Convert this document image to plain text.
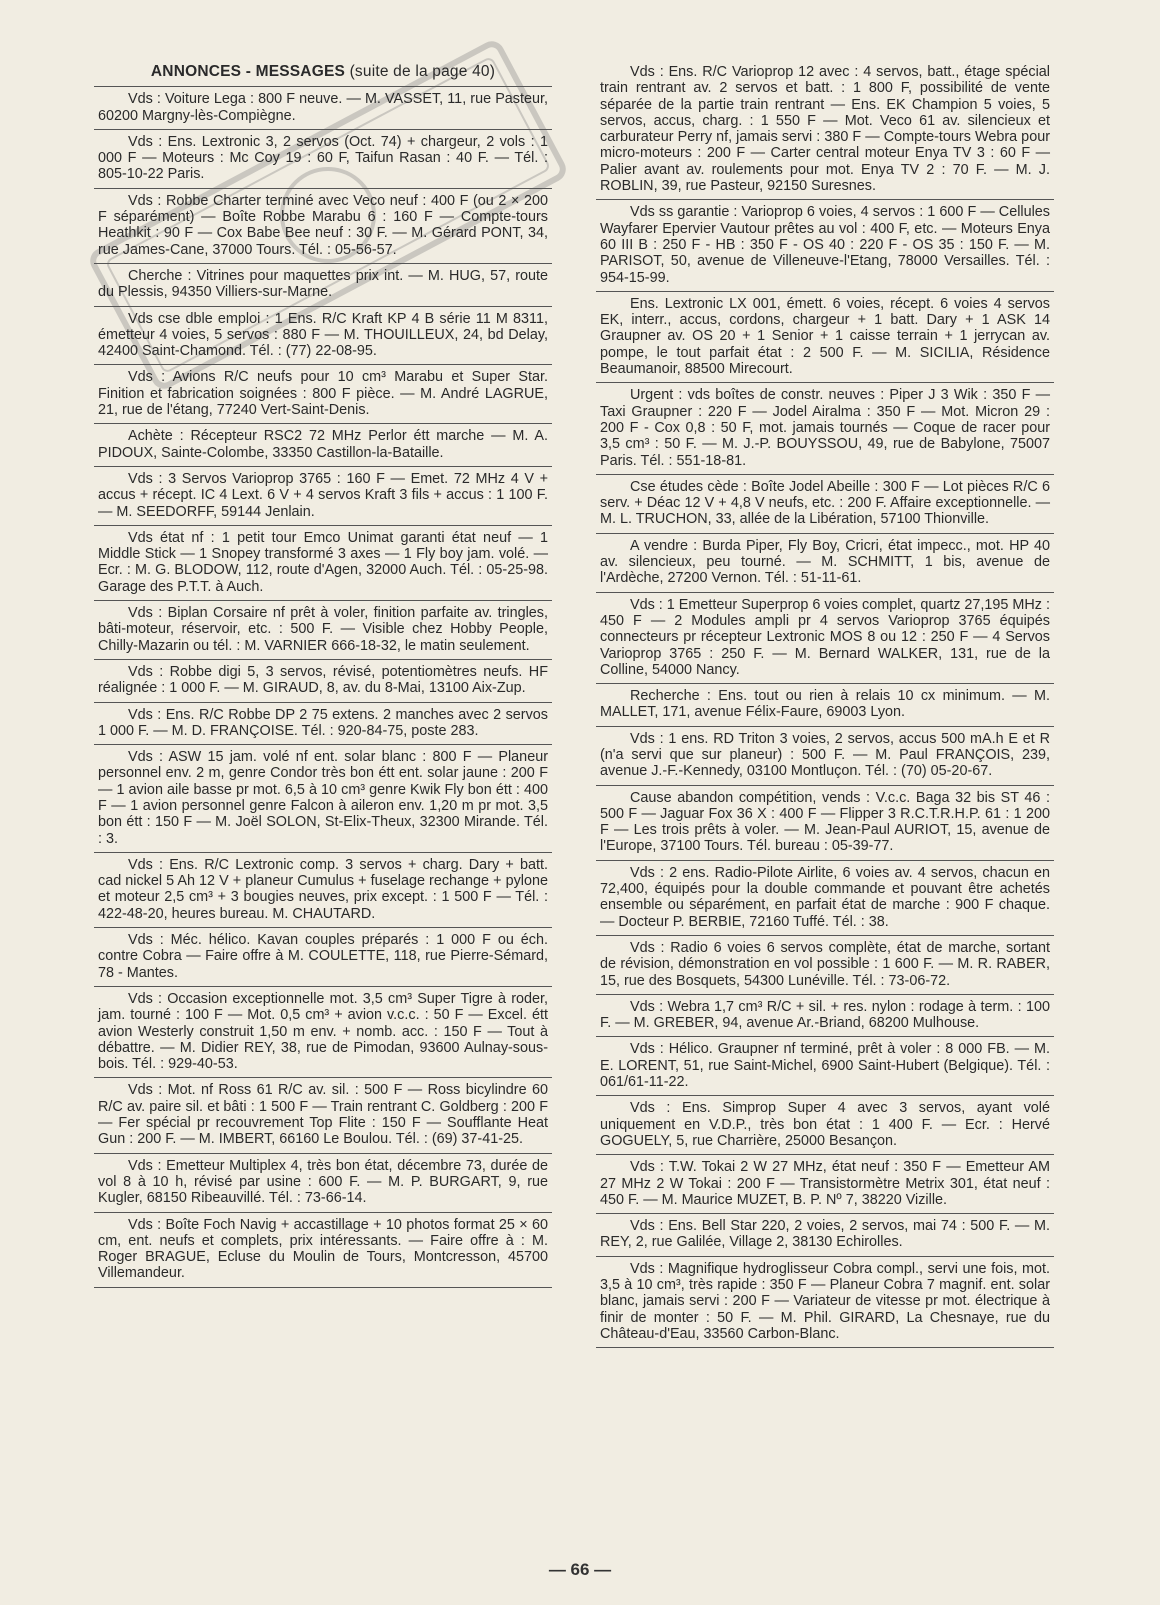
ANNONCES - MESSAGES (suite de la page 40)
Vds : Voiture Lega : 800 F neuve. — M. VASSET, 11, rue Pasteur, 60200 Margny-lès-Compiègne.
Vds : Ens. Lextronic 3, 2 servos (Oct. 74) + chargeur, 2 vols : 1 000 F — Moteurs : Mc Coy 19 : 60 F, Taifun Rasan : 40 F. — Tél. : 805-10-22 Paris.
Vds : Robbe Charter terminé avec Veco neuf : 400 F (ou 2 × 200 F séparément) — Boîte Robbe Marabu 6 : 160 F — Compte-tours Heathkit : 90 F — Cox Babe Bee neuf : 30 F. — M. Gérard PONT, 34, rue James-Cane, 37000 Tours. Tél. : 05-56-57.
Cherche : Vitrines pour maquettes prix int. — M. HUG, 57, route du Plessis, 94350 Villiers-sur-Marne.
Vds cse dble emploi : 1 Ens. R/C Kraft KP 4 B série 11 M 8311, émetteur 4 voies, 5 servos : 880 F — M. THOUILLEUX, 24, bd Delay, 42400 Saint-Chamond. Tél. : (77) 22-08-95.
Vds : Avions R/C neufs pour 10 cm³ Marabu et Super Star. Finition et fabrication soignées : 800 F pièce. — M. André LAGRUE, 21, rue de l'étang, 77240 Vert-Saint-Denis.
Achète : Récepteur RSC2 72 MHz Perlor étt marche — M. A. PIDOUX, Sainte-Colombe, 33350 Castillon-la-Bataille.
Vds : 3 Servos Varioprop 3765 : 160 F — Emet. 72 MHz 4 V + accus + récept. IC 4 Lext. 6 V + 4 servos Kraft 3 fils + accus : 1 100 F. — M. SEEDORFF, 59144 Jenlain.
Vds état nf : 1 petit tour Emco Unimat garanti état neuf — 1 Middle Stick — 1 Snopey transformé 3 axes — 1 Fly boy jam. volé. — Ecr. : M. G. BLODOW, 112, route d'Agen, 32000 Auch. Tél. : 05-25-98. Garage des P.T.T. à Auch.
Vds : Biplan Corsaire nf prêt à voler, finition parfaite av. tringles, bâti-moteur, réservoir, etc. : 500 F. — Visible chez Hobby People, Chilly-Mazarin ou tél. : M. VARNIER 666-18-32, le matin seulement.
Vds : Robbe digi 5, 3 servos, révisé, potentiomètres neufs. HF réalignée : 1 000 F. — M. GIRAUD, 8, av. du 8-Mai, 13100 Aix-Zup.
Vds : Ens. R/C Robbe DP 2 75 extens. 2 manches avec 2 servos 1 000 F. — M. D. FRANÇOISE. Tél. : 920-84-75, poste 283.
Vds : ASW 15 jam. volé nf ent. solar blanc : 800 F — Planeur personnel env. 2 m, genre Condor très bon étt ent. solar jaune : 200 F — 1 avion aile basse pr mot. 6,5 à 10 cm³ genre Kwik Fly bon étt : 400 F — 1 avion personnel genre Falcon à aileron env. 1,20 m pr mot. 3,5 bon étt : 150 F — M. Joël SOLON, St-Elix-Theux, 32300 Mirande. Tél. : 3.
Vds : Ens. R/C Lextronic comp. 3 servos + charg. Dary + batt. cad nickel 5 Ah 12 V + planeur Cumulus + fuselage rechange + pylone et moteur 2,5 cm³ + 3 bougies neuves, prix except. : 1 500 F — Tél. : 422-48-20, heures bureau. M. CHAUTARD.
Vds : Méc. hélico. Kavan couples préparés : 1 000 F ou éch. contre Cobra — Faire offre à M. COULETTE, 118, rue Pierre-Sémard, 78 - Mantes.
Vds : Occasion exceptionnelle mot. 3,5 cm³ Super Tigre à roder, jam. tourné : 100 F — Mot. 0,5 cm³ + avion v.c.c. : 50 F — Excel. étt avion Westerly construit 1,50 m env. + nomb. acc. : 150 F — Tout à débattre. — M. Didier REY, 38, rue de Pimodan, 93600 Aulnay-sous-bois. Tél. : 929-40-53.
Vds : Mot. nf Ross 61 R/C av. sil. : 500 F — Ross bicylindre 60 R/C av. paire sil. et bâti : 1 500 F — Train rentrant C. Goldberg : 200 F — Fer spécial pr recouvrement Top Flite : 150 F — Soufflante Heat Gun : 200 F. — M. IMBERT, 66160 Le Boulou. Tél. : (69) 37-41-25.
Vds : Emetteur Multiplex 4, très bon état, décembre 73, durée de vol 8 à 10 h, révisé par usine : 600 F. — M. P. BURGART, 9, rue Kugler, 68150 Ribeauvillé. Tél. : 73-66-14.
Vds : Boîte Foch Navig + accastillage + 10 photos format 25 × 60 cm, ent. neufs et complets, prix intéressants. — Faire offre à : M. Roger BRAGUE, Ecluse du Moulin de Tours, Montcresson, 45700 Villemandeur.
Vds : Ens. R/C Varioprop 12 avec : 4 servos, batt., étage spécial train rentrant av. 2 servos et batt. : 1 800 F, possibilité de vente séparée de la partie train rentrant — Ens. EK Champion 5 voies, 5 servos, accus, charg. : 1 550 F — Mot. Veco 61 av. silencieux et carburateur Perry nf, jamais servi : 380 F — Compte-tours Webra pour micro-moteurs : 200 F — Carter central moteur Enya TV 3 : 60 F — Palier avant av. roulements pour mot. Enya TV 2 : 70 F. — M. J. ROBLIN, 39, rue Pasteur, 92150 Suresnes.
Vds ss garantie : Varioprop 6 voies, 4 servos : 1 600 F — Cellules Wayfarer Epervier Vautour prêtes au vol : 400 F, etc. — Moteurs Enya 60 III B : 250 F - HB : 350 F - OS 40 : 220 F - OS 35 : 150 F. — M. PARISOT, 50, avenue de Villeneuve-l'Etang, 78000 Versailles. Tél. : 954-15-99.
Ens. Lextronic LX 001, émett. 6 voies, récept. 6 voies 4 servos EK, interr., accus, cordons, chargeur + 1 batt. Dary + 1 ASK 14 Graupner av. OS 20 + 1 Senior + 1 caisse terrain + 1 jerrycan av. pompe, le tout parfait état : 2 500 F. — M. SICILIA, Résidence Beaumanoir, 88500 Mirecourt.
Urgent : vds boîtes de constr. neuves : Piper J 3 Wik : 350 F — Taxi Graupner : 220 F — Jodel Airalma : 350 F — Mot. Micron 29 : 200 F - Cox 0,8 : 50 F, mot. jamais tournés — Coque de racer pour 3,5 cm³ : 50 F. — M. J.-P. BOUYSSOU, 49, rue de Babylone, 75007 Paris. Tél. : 551-18-81.
Cse études cède : Boîte Jodel Abeille : 300 F — Lot pièces R/C 6 serv. + Déac 12 V + 4,8 V neufs, etc. : 200 F. Affaire exceptionnelle. — M. L. TRUCHON, 33, allée de la Libération, 57100 Thionville.
A vendre : Burda Piper, Fly Boy, Cricri, état impecc., mot. HP 40 av. silencieux, peu tourné. — M. SCHMITT, 1 bis, avenue de l'Ardèche, 27200 Vernon. Tél. : 51-11-61.
Vds : 1 Emetteur Superprop 6 voies complet, quartz 27,195 MHz : 450 F — 2 Modules ampli pr 4 servos Varioprop 3765 équipés connecteurs pr récepteur Lextronic MOS 8 ou 12 : 250 F — 4 Servos Varioprop 3765 : 250 F. — M. Bernard WALKER, 131, rue de la Colline, 54000 Nancy.
Recherche : Ens. tout ou rien à relais 10 cx minimum. — M. MALLET, 171, avenue Félix-Faure, 69003 Lyon.
Vds : 1 ens. RD Triton 3 voies, 2 servos, accus 500 mA.h E et R (n'a servi que sur planeur) : 500 F. — M. Paul FRANÇOIS, 239, avenue J.-F.-Kennedy, 03100 Montluçon. Tél. : (70) 05-20-67.
Cause abandon compétition, vends : V.c.c. Baga 32 bis ST 46 : 500 F — Jaguar Fox 36 X : 400 F — Flipper 3 R.C.T.R.H.P. 61 : 1 200 F — Les trois prêts à voler. — M. Jean-Paul AURIOT, 15, avenue de l'Europe, 37100 Tours. Tél. bureau : 05-39-77.
Vds : 2 ens. Radio-Pilote Airlite, 6 voies av. 4 servos, chacun en 72,400, équipés pour la double commande et pouvant être achetés ensemble ou séparément, en parfait état de marche : 900 F chaque. — Docteur P. BERBIE, 72160 Tuffé. Tél. : 38.
Vds : Radio 6 voies 6 servos complète, état de marche, sortant de révision, démonstration en vol possible : 1 600 F. — M. R. RABER, 15, rue des Bosquets, 54300 Lunéville. Tél. : 73-06-72.
Vds : Webra 1,7 cm³ R/C + sil. + res. nylon : rodage à term. : 100 F. — M. GREBER, 94, avenue Ar.-Briand, 68200 Mulhouse.
Vds : Hélico. Graupner nf terminé, prêt à voler : 8 000 FB. — M. E. LORENT, 51, rue Saint-Michel, 6900 Saint-Hubert (Belgique). Tél. : 061/61-11-22.
Vds : Ens. Simprop Super 4 avec 3 servos, ayant volé uniquement en V.D.P., très bon état : 1 400 F. — Ecr. : Hervé GOGUELY, 5, rue Charrière, 25000 Besançon.
Vds : T.W. Tokai 2 W 27 MHz, état neuf : 350 F — Emetteur AM 27 MHz 2 W Tokai : 200 F — Transistormètre Metrix 301, état neuf : 450 F. — M. Maurice MUZET, B. P. Nº 7, 38220 Vizille.
Vds : Ens. Bell Star 220, 2 voies, 2 servos, mai 74 : 500 F. — M. REY, 2, rue Galilée, Village 2, 38130 Echirolles.
Vds : Magnifique hydroglisseur Cobra compl., servi une fois, mot. 3,5 à 10 cm³, très rapide : 350 F — Planeur Cobra 7 magnif. ent. solar blanc, jamais servi : 200 F — Variateur de vitesse pr mot. électrique à finir de monter : 50 F. — M. Phil. GIRARD, La Chesnaye, rue du Château-d'Eau, 33560 Carbon-Blanc.
— 66 —
